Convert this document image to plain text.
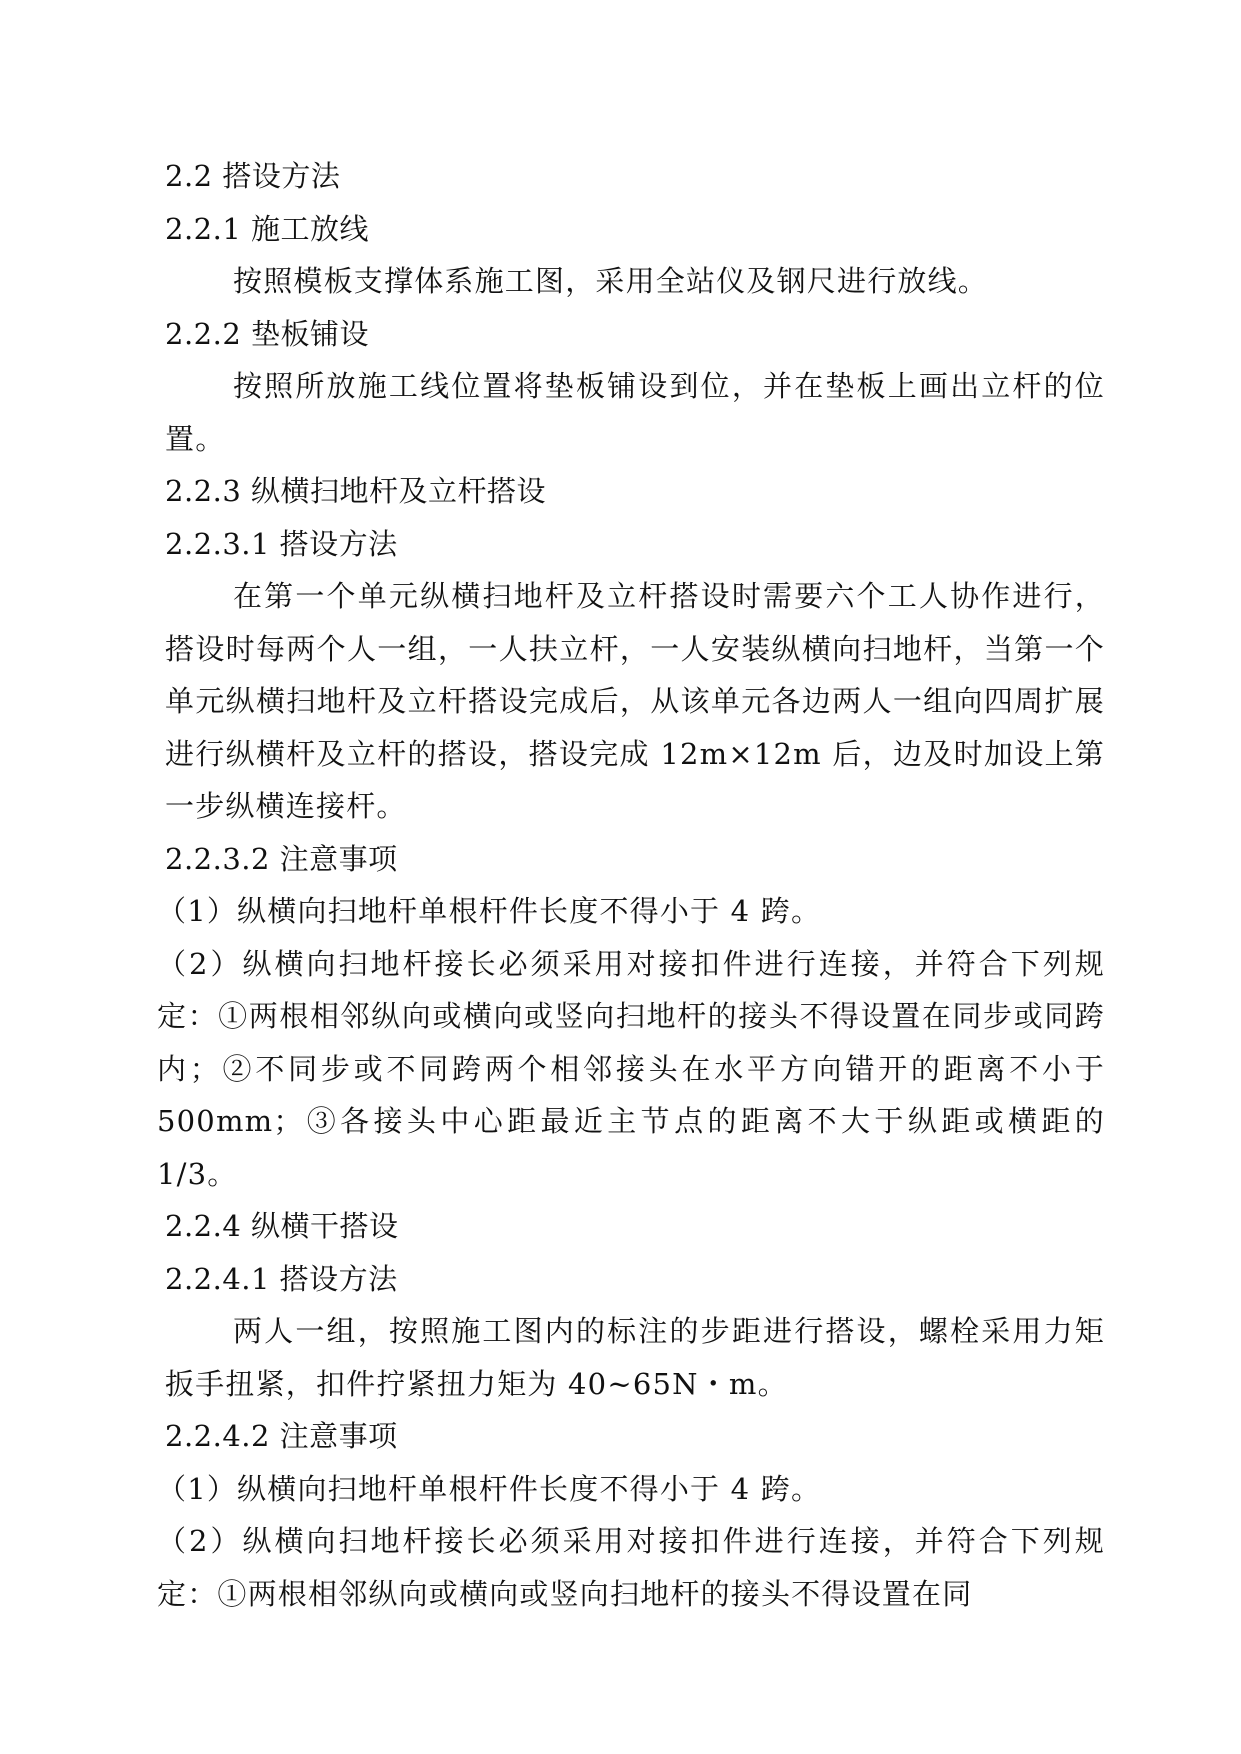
2.2 搭设方法
2.2.1 施工放线
按照模板支撑体系施工图，采用全站仪及钢尺进行放线。
2.2.2 垫板铺设
按照所放施工线位置将垫板铺设到位，并在垫板上画出立杆的位置。
2.2.3 纵横扫地杆及立杆搭设
2.2.3.1 搭设方法
在第一个单元纵横扫地杆及立杆搭设时需要六个工人协作进行，搭设时每两个人一组，一人扶立杆，一人安装纵横向扫地杆，当第一个单元纵横扫地杆及立杆搭设完成后，从该单元各边两人一组向四周扩展进行纵横杆及立杆的搭设，搭设完成 12m×12m 后，边及时加设上第一步纵横连接杆。
2.2.3.2 注意事项
（1）纵横向扫地杆单根杆件长度不得小于 4 跨。
（2）纵横向扫地杆接长必须采用对接扣件进行连接，并符合下列规定：①两根相邻纵向或横向或竖向扫地杆的接头不得设置在同步或同跨内；②不同步或不同跨两个相邻接头在水平方向错开的距离不小于 500mm；③各接头中心距最近主节点的距离不大于纵距或横距的 1/3。
2.2.4 纵横干搭设
2.2.4.1 搭设方法
两人一组，按照施工图内的标注的步距进行搭设，螺栓采用力矩扳手扭紧，扣件拧紧扭力矩为 40~65N・m。
2.2.4.2 注意事项
（1）纵横向扫地杆单根杆件长度不得小于 4 跨。
（2）纵横向扫地杆接长必须采用对接扣件进行连接，并符合下列规定：①两根相邻纵向或横向或竖向扫地杆的接头不得设置在同
